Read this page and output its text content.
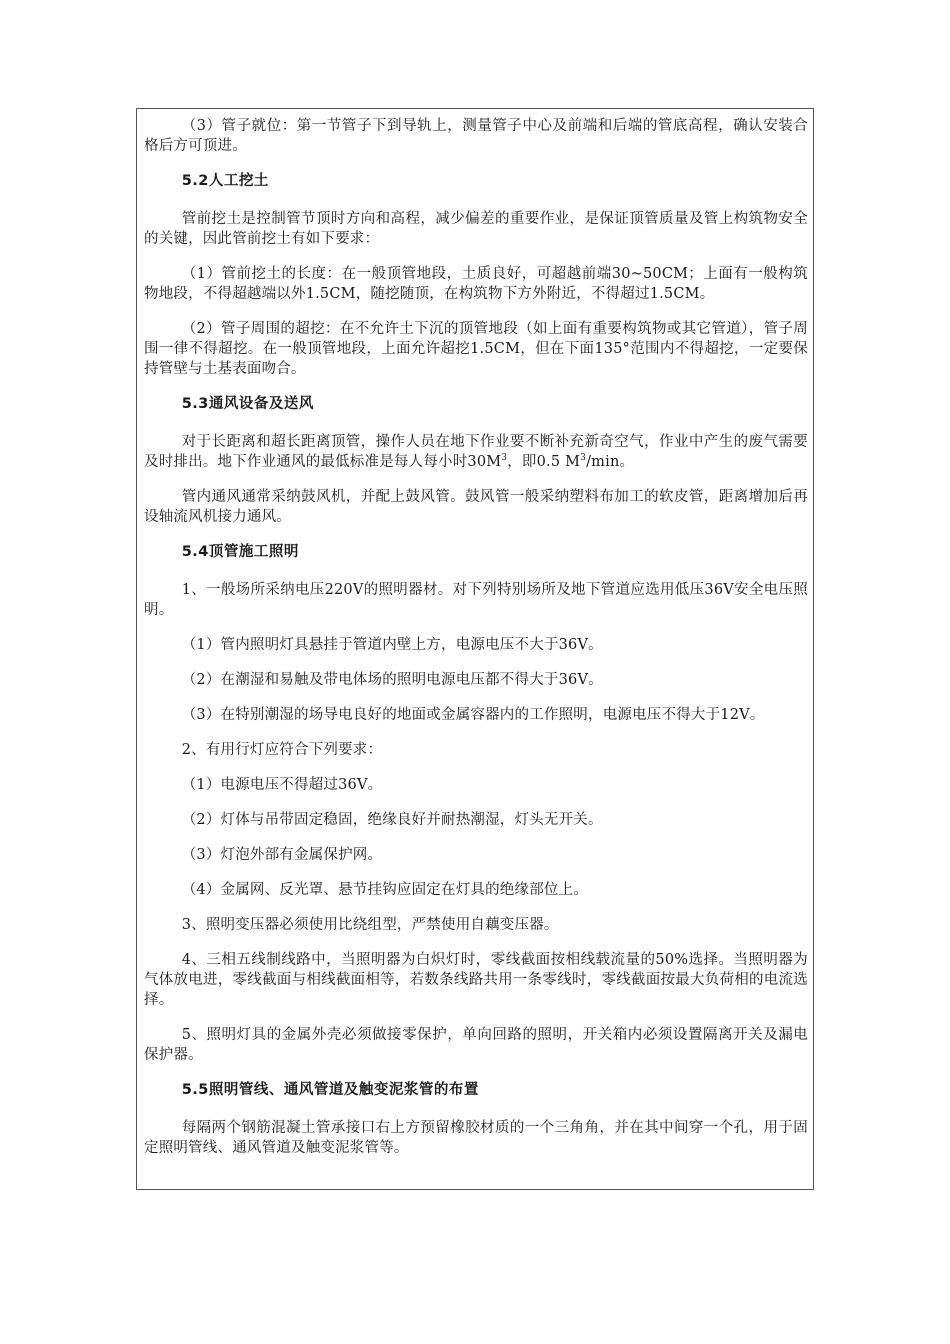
（3）管子就位：第一节管子下到导轨上，测量管子中心及前端和后端的管底高程，确认安装合格后方可顶进。

5.2人工挖土

管前挖土是控制管节顶时方向和高程，减少偏差的重要作业，是保证顶管质量及管上构筑物安全的关键，因此管前挖土有如下要求：

（1）管前挖土的长度：在一般顶管地段，土质良好，可超越前端30~50CM；上面有一般构筑物地段，不得超越端以外1.5CM，随挖随顶，在构筑物下方外附近，不得超过1.5CM。

（2）管子周围的超挖：在不允许土下沉的顶管地段（如上面有重要构筑物或其它管道），管子周围一律不得超挖。在一般顶管地段，上面允许超挖1.5CM，但在下面135°范围内不得超挖，一定要保持管壁与土基表面吻合。

5.3通风设备及送风

对于长距离和超长距离顶管，操作人员在地下作业要不断补充新奇空气，作业中产生的废气需要及时排出。地下作业通风的最低标准是每人每小时$30M^3$，即0.5 $M^3/\min$。

管内通风通常采纳鼓风机，并配上鼓风管。鼓风管一般采纳塑料布加工的软皮管，距离增加后再设轴流风机接力通风。

5.4顶管施工照明

1、一般场所采纳电压220V的照明器材。对下列特别场所及地下管道应选用低压36V安全电压照明。

（1）管内照明灯具悬挂于管道内壁上方，电源电压不大于36V。

（2）在潮湿和易触及带电体场的照明电源电压都不得大于36V。

（3）在特别潮湿的场导电良好的地面或金属容器内的工作照明，电源电压不得大于12V。

2、有用行灯应符合下列要求：

（1）电源电压不得超过36V。

（2）灯体与吊带固定稳固，绝缘良好并耐热潮湿，灯头无开关。

（3）灯泡外部有金属保护网。

（4）金属网、反光罩、悬节挂钩应固定在灯具的绝缘部位上。

3、照明变压器必须使用比绕组型，严禁使用自藕变压器。

4、三相五线制线路中，当照明器为白炽灯时，零线截面按相线载流量的50%选择。当照明器为气体放电进，零线截面与相线截面相等，若数条线路共用一条零线时，零线截面按最大负荷相的电流选择。

5、照明灯具的金属外壳必须做接零保护，单向回路的照明，开关箱内必须设置隔离开关及漏电保护器。

5.5照明管线、通风管道及触变泥浆管的布置

每隔两个钢筋混凝土管承接口右上方预留橡胶材质的一个三角角，并在其中间穿一个孔，用于固定照明管线、通风管道及触变泥浆管等。
